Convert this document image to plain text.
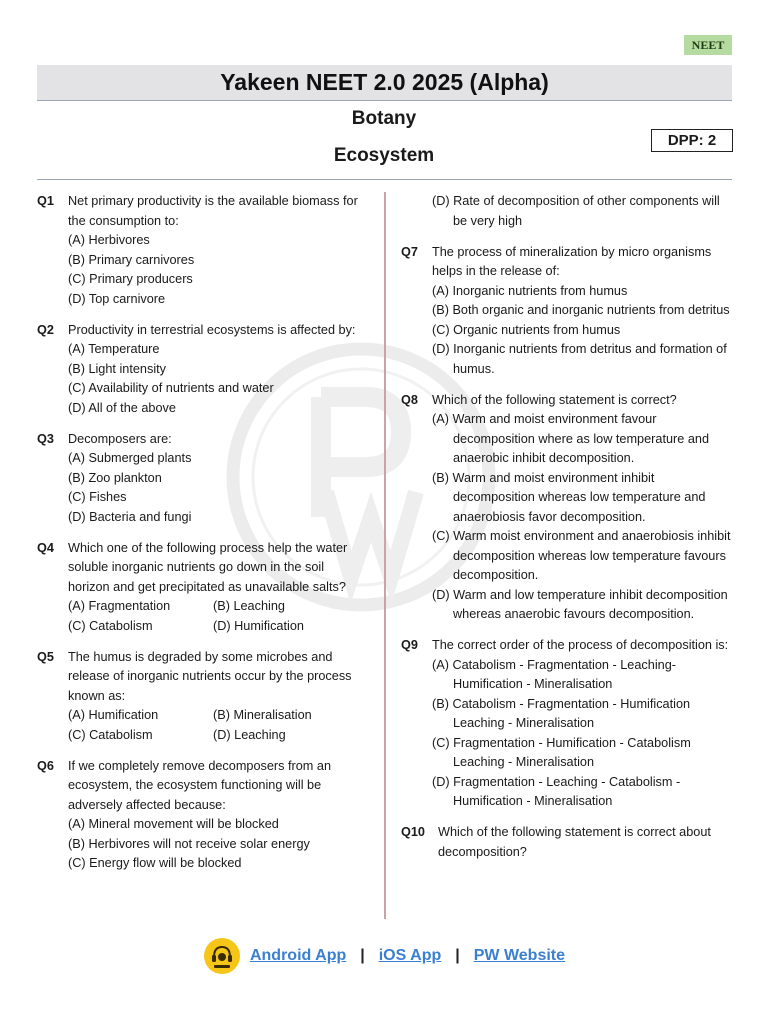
NEET
Yakeen NEET 2.0 2025 (Alpha)
Botany
Ecosystem
DPP: 2
Q1 Net primary productivity is the available biomass for the consumption to:
(A) Herbivores
(B) Primary carnivores
(C) Primary producers
(D) Top carnivore
Q2 Productivity in terrestrial ecosystems is affected by:
(A) Temperature
(B) Light intensity
(C) Availability of nutrients and water
(D) All of the above
Q3 Decomposers are:
(A) Submerged plants
(B) Zoo plankton
(C) Fishes
(D) Bacteria and fungi
Q4 Which one of the following process help the water soluble inorganic nutrients go down in the soil horizon and get precipitated as unavailable salts?
(A) Fragmentation	(B) Leaching
(C) Catabolism	(D) Humification
Q5 The humus is degraded by some microbes and release of inorganic nutrients occur by the process known as:
(A) Humification	(B) Mineralisation
(C) Catabolism	(D) Leaching
Q6 If we completely remove decomposers from an ecosystem, the ecosystem functioning will be adversely affected because:
(A) Mineral movement will be blocked
(B) Herbivores will not receive solar energy
(C) Energy flow will be blocked
(D) Rate of decomposition of other components will be very high
Q7 The process of mineralization by micro organisms helps in the release of:
(A) Inorganic nutrients from humus
(B) Both organic and inorganic nutrients from detritus
(C) Organic nutrients from humus
(D) Inorganic nutrients from detritus and formation of humus.
Q8 Which of the following statement is correct?
(A) Warm and moist environment favour decomposition where as low temperature and anaerobic inhibit decomposition.
(B) Warm and moist environment inhibit decomposition whereas low temperature and anaerobiosis favor decomposition.
(C) Warm moist environment and anaerobiosis inhibit decomposition whereas low temperature favours decomposition.
(D) Warm and low temperature inhibit decomposition whereas anaerobic favours decomposition.
Q9 The correct order of the process of decomposition is:
(A) Catabolism - Fragmentation - Leaching- Humification - Mineralisation
(B) Catabolism - Fragmentation - Humification Leaching - Mineralisation
(C) Fragmentation - Humification - Catabolism Leaching - Mineralisation
(D) Fragmentation - Leaching - Catabolism - Humification - Mineralisation
Q10 Which of the following statement is correct about decomposition?
Android App | iOS App | PW Website
